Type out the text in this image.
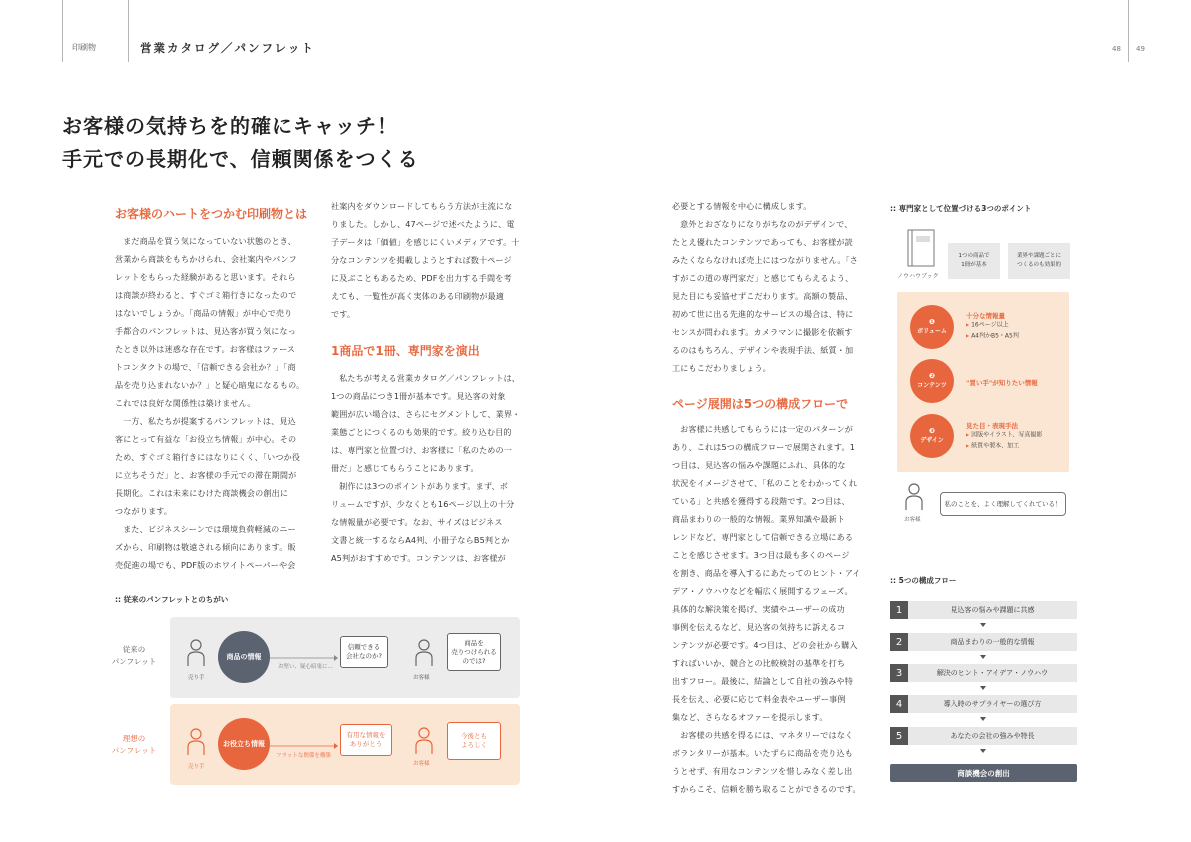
印刷物	営業カタログ／パンフレット	48 49
お客様の気持ちを的確にキャッチ！
手元での長期化で、信頼関係をつくる
お客様のハートをつかむ印刷物とは

まだ商品を買う気になっていない状態のとき、

営業から商談をもちかけられ、会社案内やパンフ

レットをもらった経験があると思います。それら

は商談が終わると、すぐゴミ箱行きになったので

はないでしょうか。「商品の情報」が中心で売り

手都合のパンフレットは、見込客が買う気になっ

たとき以外は迷惑な存在です。お客様はファース

トコンタクトの場で、「信頼できる会社か？」「商

品を売り込まれないか？」と疑心暗鬼になるもの。

これでは良好な関係性は築けません。

一方、私たちが提案するパンフレットは、見込

客にとって有益な「お役立ち情報」が中心。その

ため、すぐゴミ箱行きにはなりにくく、「いつか役

に立ちそうだ」と、お客様の手元での滞在期間が

長期化。これは未来にむけた商談機会の創出に

つながります。

また、ビジネスシーンでは環境負荷軽減のニー

ズから、印刷物は敬遠される傾向にあります。販

売促進の場でも、PDF版のホワイトペーパーや会

社案内をダウンロードしてもらう方法が主流にな

りました。しかし、47ページで述べたように、電

子データは「価値」を感じにくいメディアです。十

分なコンテンツを掲載しようとすれば数十ページ

に及ぶこともあるため、PDFを出力する手間を考

えても、一覧性が高く実体のある印刷物が最適

です。

1商品で1冊、専門家を演出

私たちが考える営業カタログ／パンフレットは、

1つの商品につき1冊が基本です。見込客の対象

範囲が広い場合は、さらにセグメントして、業界・

業態ごとにつくるのも効果的です。絞り込む目的

は、専門家と位置づけ、お客様に「私のための一

冊だ」と感じてもらうことにあります。

制作には3つのポイントがあります。まず、ボ

リュームですが、少なくとも16ページ以上の十分

な情報量が必要です。なお、サイズはビジネス

文書と統一するならA4判、小冊子ならB5判とか

A5判がおすすめです。コンテンツは、お客様が

必要とする情報を中心に構成します。

意外とおざなりになりがちなのがデザインで、

たとえ優れたコンテンツであっても、お客様が読

みたくならなければ売上にはつながりません。「さ

すがこの道の専門家だ」と感じてもらえるよう、

見た目にも妥協せずこだわります。高額の製品、

初めて世に出る先進的なサービスの場合は、特に

センスが問われます。カメラマンに撮影を依頼す

るのはもちろん、デザインや表現手法、紙質・加

工にもこだわりましょう。

ページ展開は5つの構成フローで

お客様に共感してもらうには一定のパターンが

あり、これは5つの構成フローで展開されます。1

つ目は、見込客の悩みや課題にふれ、具体的な

状況をイメージさせて、「私のことをわかってくれ

ている」と共感を獲得する段階です。2つ目は、

商品まわりの一般的な情報。業界知識や最新ト

レンドなど、専門家として信頼できる立場にある

ことを感じさせます。3つ目は最も多くのページ

を割き、商品を導入するにあたってのヒント・アイ

デア・ノウハウなどを幅広く展開するフェーズ。

具体的な解決策を掲げ、実績やユーザーの成功

事例を伝えるなど、見込客の気持ちに訴えるコ

ンテンツが必要です。4つ目は、どの会社から購入

すればいいか、競合との比較検討の基準を打ち

出すフロー。最後に、結論として自社の強みや特

長を伝え、必要に応じて料金表やユーザー事例

集など、さらなるオファーを提示します。

お客様の共感を得るには、マネタリーではなく

ボランタリーが基本。いたずらに商品を売り込も

うとせず、有用なコンテンツを惜しみなく差し出

すからこそ、信頼を勝ち取ることができるのです。

:: 従来のパンフレットとのちがい
従来の
パンフレット
売り手
商品の情報
お堅い、疑心暗鬼に…
信頼できる
会社なのか?
お客様
商品を
売りつけられる
のでは?
理想の
パンフレット
売り手
お役立ち情報
フラットな関係を構築
有用な情報を
ありがとう
お客様
今後とも
よろしく
:: 専門家として位置づける3つのポイント
ノウハウブック
1つの商品で
1冊が基本
業界や課題ごとに
つくるのも効果的
❶
ボリューム
十分な情報量
▶ 16ページ以上
▶ A4判かB5・A5判
❷
コンテンツ	"買い手"が知りたい情報
❸
デザイン
見た目・表現手法
▶ 図版やイラスト、写真撮影
▶ 紙質や製本、加工
お客様
私のことを、よく理解してくれている！
:: 5つの構成フロー
1	見込客の悩みや課題に共感
2	商品まわりの一般的な情報
3	解決のヒント・アイデア・ノウハウ
4	導入時のサプライヤーの選び方
5	あなたの会社の強みや特長
商談機会の創出
